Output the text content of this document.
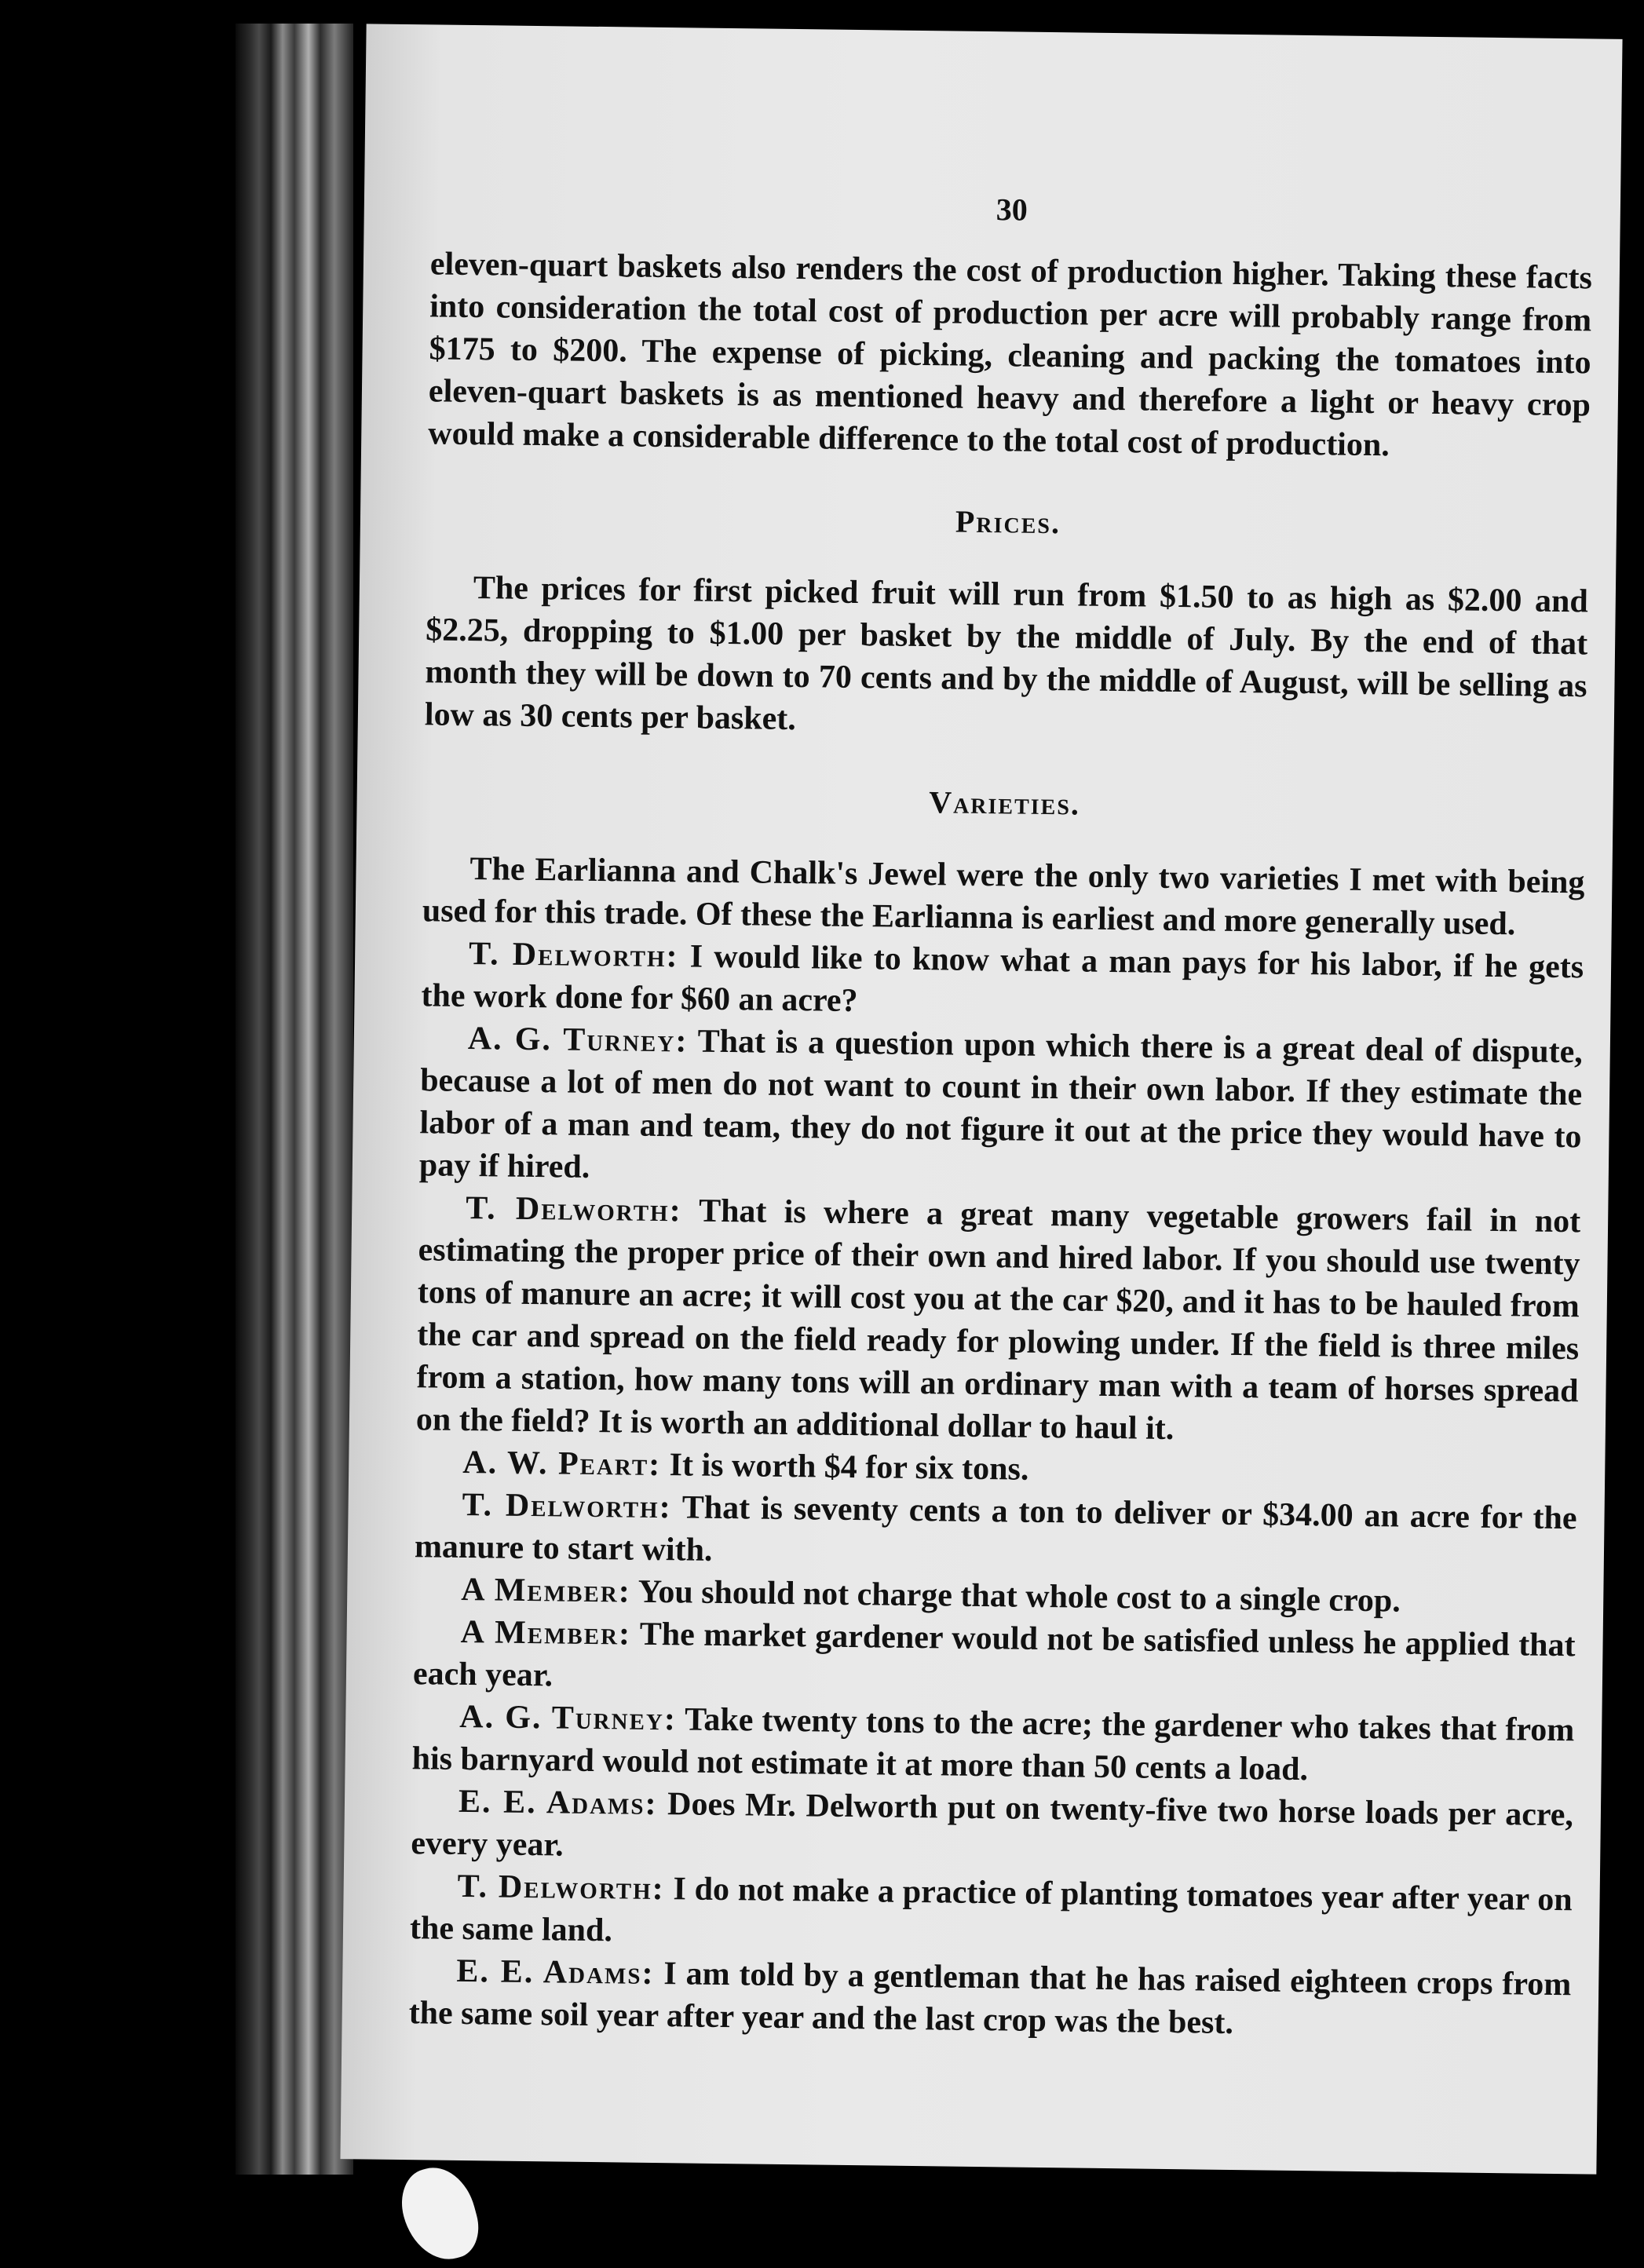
30

eleven-quart baskets also renders the cost of production higher. Taking these facts into consideration the total cost of production per acre will probably range from $175 to $200. The expense of picking, cleaning and packing the tomatoes into eleven-quart baskets is as mentioned heavy and therefore a light or heavy crop would make a considerable difference to the total cost of production.

Prices.

The prices for first picked fruit will run from $1.50 to as high as $2.00 and $2.25, dropping to $1.00 per basket by the middle of July. By the end of that month they will be down to 70 cents and by the middle of August, will be selling as low as 30 cents per basket.

Varieties.

The Earlianna and Chalk's Jewel were the only two varieties I met with being used for this trade. Of these the Earlianna is earliest and more generally used.

T. Delworth: I would like to know what a man pays for his labor, if he gets the work done for $60 an acre?

A. G. Turney: That is a question upon which there is a great deal of dispute, because a lot of men do not want to count in their own labor. If they estimate the labor of a man and team, they do not figure it out at the price they would have to pay if hired.

T. Delworth: That is where a great many vegetable growers fail in not estimating the proper price of their own and hired labor. If you should use twenty tons of manure an acre; it will cost you at the car $20, and it has to be hauled from the car and spread on the field ready for plowing under. If the field is three miles from a station, how many tons will an ordinary man with a team of horses spread on the field? It is worth an additional dollar to haul it.

A. W. Peart: It is worth $4 for six tons.

T. Delworth: That is seventy cents a ton to deliver or $34.00 an acre for the manure to start with.

A Member: You should not charge that whole cost to a single crop.

A Member: The market gardener would not be satisfied unless he applied that each year.

A. G. Turney: Take twenty tons to the acre; the gardener who takes that from his barnyard would not estimate it at more than 50 cents a load.

E. E. Adams: Does Mr. Delworth put on twenty-five two horse loads per acre, every year.

T. Delworth: I do not make a practice of planting tomatoes year after year on the same land.

E. E. Adams: I am told by a gentleman that he has raised eighteen crops from the same soil year after year and the last crop was the best.
